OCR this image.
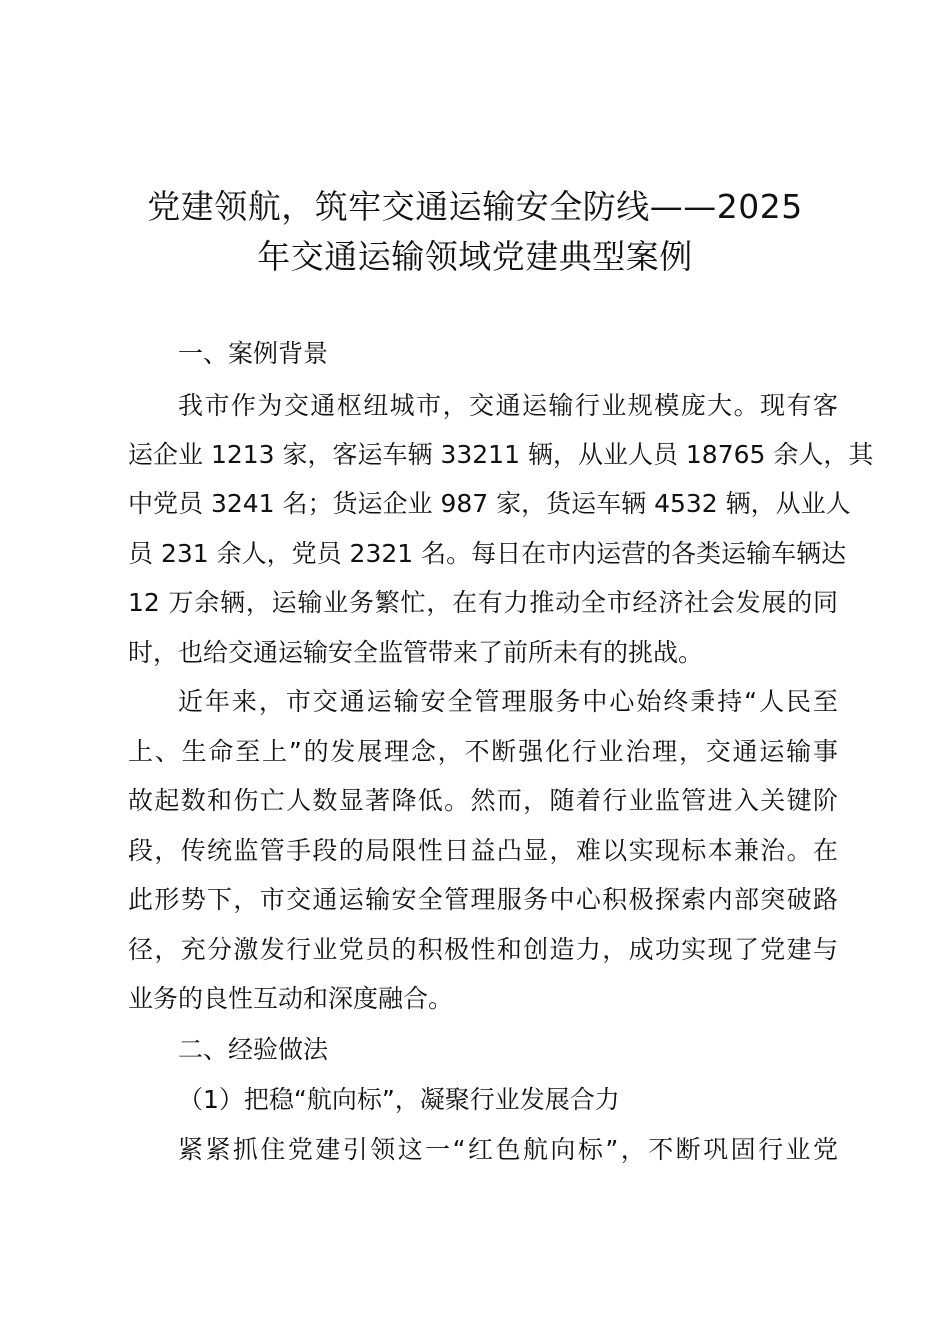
党建领航，筑牢交通运输安全防线——2025
年交通运输领域党建典型案例
一、案例背景
我市作为交通枢纽城市，交通运输行业规模庞大。现有客
运企业 1213 家，客运车辆 33211 辆，从业人员 18765 余人，其
中党员 3241 名；货运企业 987 家，货运车辆 4532 辆，从业人
员 231 余人，党员 2321 名。每日在市内运营的各类运输车辆达
12 万余辆，运输业务繁忙，在有力推动全市经济社会发展的同
时，也给交通运输安全监管带来了前所未有的挑战。
近年来，市交通运输安全管理服务中心始终秉持“人民至
上、生命至上”的发展理念，不断强化行业治理，交通运输事
故起数和伤亡人数显著降低。然而，随着行业监管进入关键阶
段，传统监管手段的局限性日益凸显，难以实现标本兼治。在
此形势下，市交通运输安全管理服务中心积极探索内部突破路
径，充分激发行业党员的积极性和创造力，成功实现了党建与
业务的良性互动和深度融合。
二、经验做法
（1）把稳“航向标”，凝聚行业发展合力
紧紧抓住党建引领这一“红色航向标”，不断巩固行业党
